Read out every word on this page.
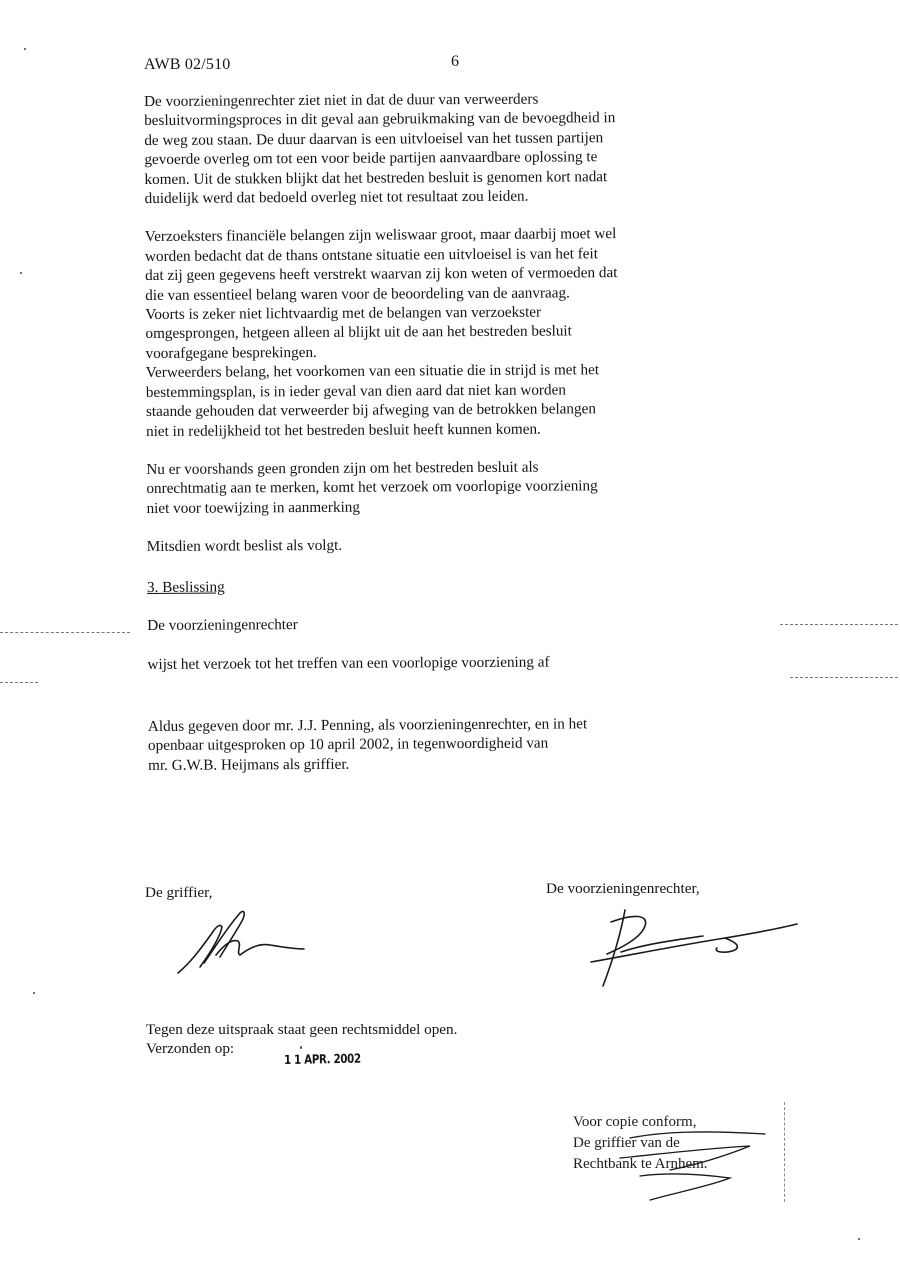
AWB 02/510	6
De voorzieningenrechter ziet niet in dat de duur van verweerders
besluitvormingsproces in dit geval aan gebruikmaking van de bevoegdheid in
de weg zou staan. De duur daarvan is een uitvloeisel van het tussen partijen
gevoerde overleg om tot een voor beide partijen aanvaardbare oplossing te
komen. Uit de stukken blijkt dat het bestreden besluit is genomen kort nadat
duidelijk werd dat bedoeld overleg niet tot resultaat zou leiden.
Verzoeksters financiële belangen zijn weliswaar groot, maar daarbij moet wel
worden bedacht dat de thans ontstane situatie een uitvloeisel is van het feit
dat zij geen gegevens heeft verstrekt waarvan zij kon weten of vermoeden dat
die van essentieel belang waren voor de beoordeling van de aanvraag.
Voorts is zeker niet lichtvaardig met de belangen van verzoekster
omgesprongen, hetgeen alleen al blijkt uit de aan het bestreden besluit
voorafgegane besprekingen.
Verweerders belang, het voorkomen van een situatie die in strijd is met het
bestemmingsplan, is in ieder geval van dien aard dat niet kan worden
staande gehouden dat verweerder bij afweging van de betrokken belangen
niet in redelijkheid tot het bestreden besluit heeft kunnen komen.
Nu er voorshands geen gronden zijn om het bestreden besluit als
onrechtmatig aan te merken, komt het verzoek om voorlopige voorziening
niet voor toewijzing in aanmerking
Mitsdien wordt beslist als volgt.
3. Beslissing
De voorzieningenrechter
wijst het verzoek tot het treffen van een voorlopige voorziening af
Aldus gegeven door mr. J.J. Penning, als voorzieningenrechter, en in het
openbaar uitgesproken op 10 april 2002, in tegenwoordigheid van
mr. G.W.B. Heijmans als griffier.
De griffier,	De voorzieningenrechter,
Tegen deze uitspraak staat geen rechtsmiddel open.
Verzonden op:
1 1 APR. 2002
Voor copie conform,
De griffier van de
Rechtbank te Arnhem.
